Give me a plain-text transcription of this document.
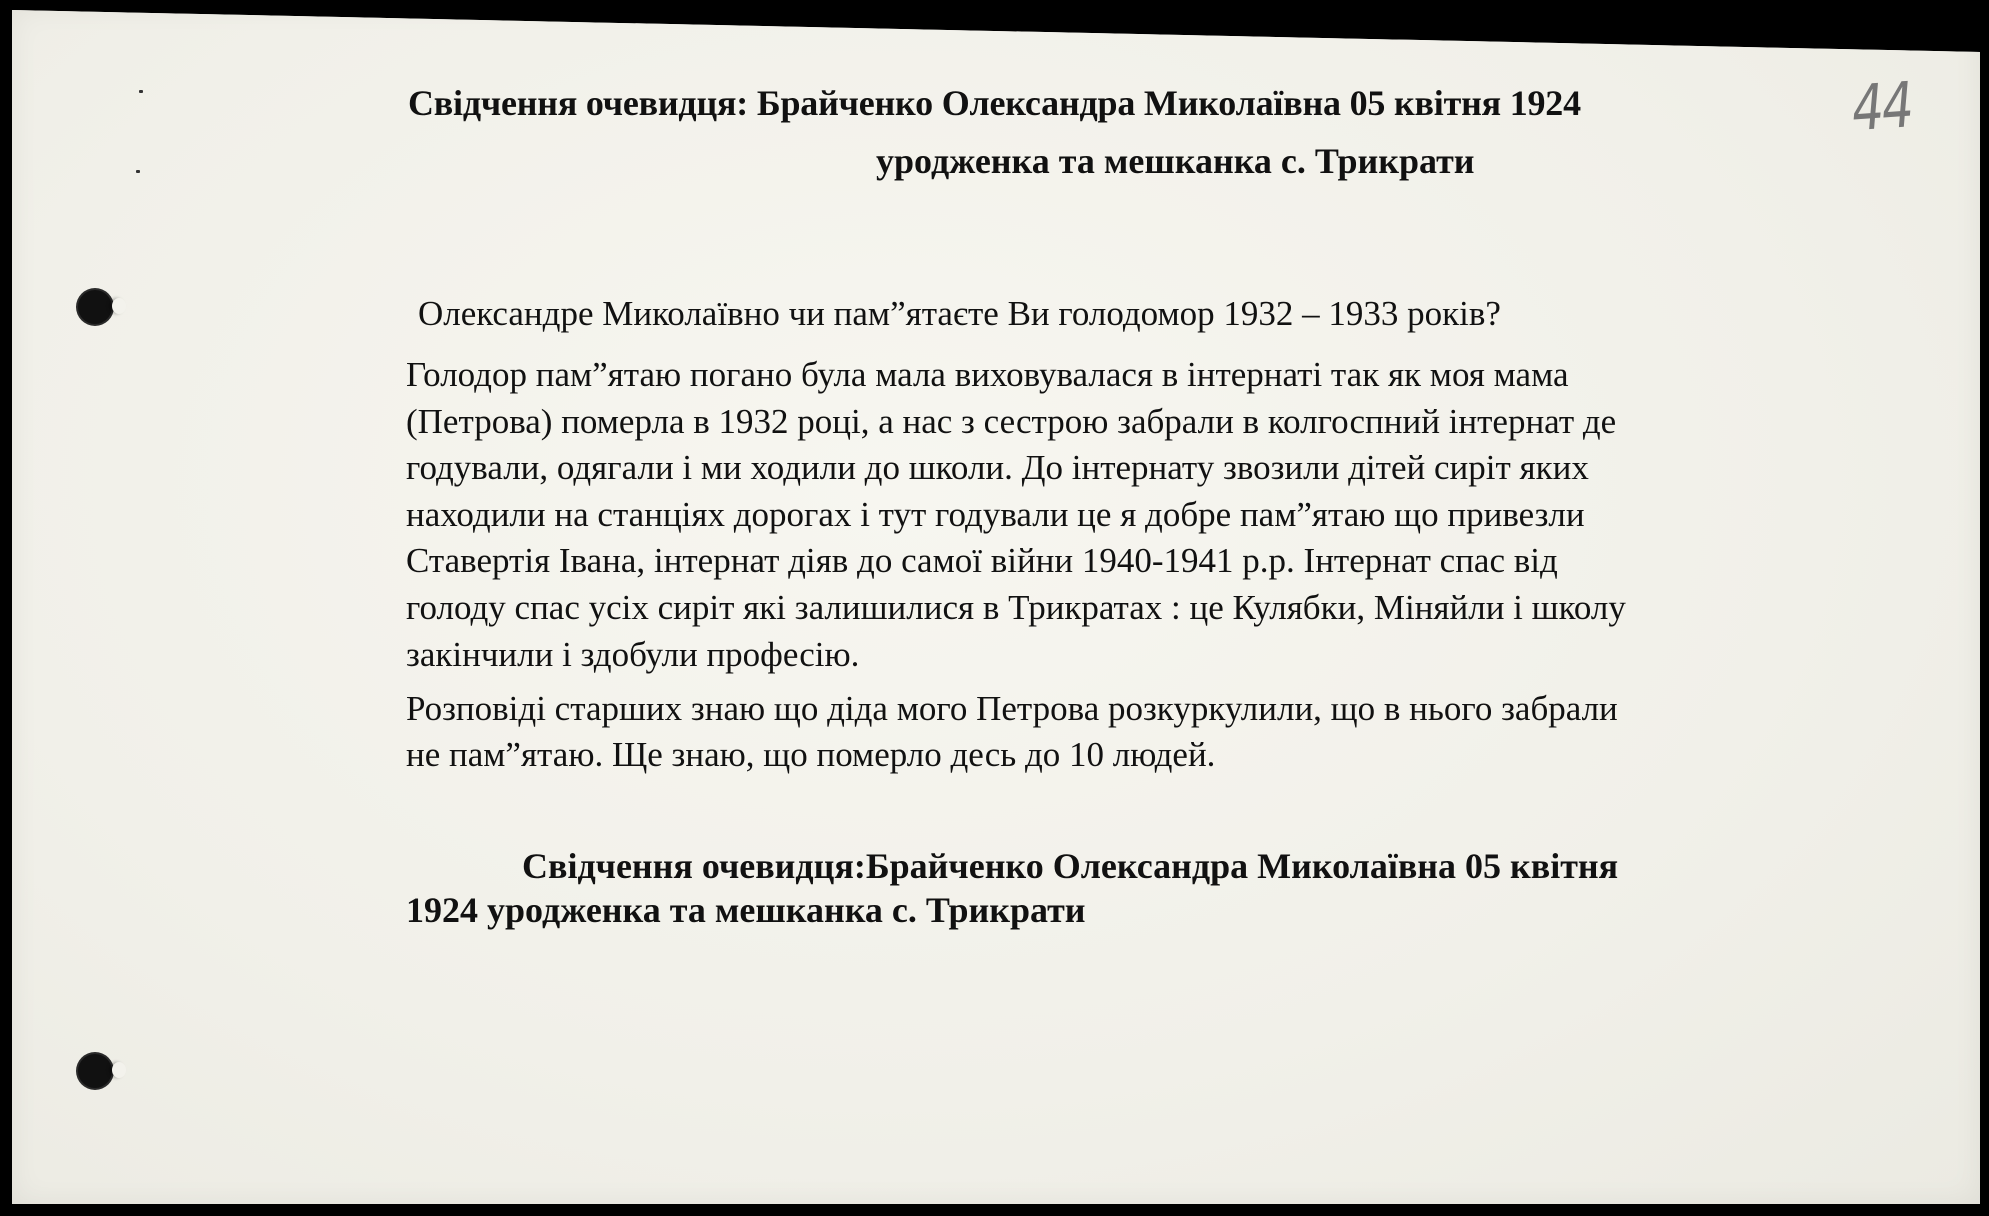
Свідчення очевидця: Брайченко Олександра Миколаївна 05 квітня 1924
уродженка та мешканка с. Трикрати
44
Олександре Миколаївно чи пам”ятаєте Ви голодомор 1932 – 1933 років?
Голодор пам”ятаю погано була мала виховувалася в інтернаті так як моя мама
(Петрова) померла в 1932 році, а нас з сестрою забрали в колгоспний інтернат де
годували, одягали і ми ходили до школи. До інтернату звозили дітей сиріт яких
находили на станціях дорогах і тут годували це я добре пам”ятаю що привезли
Ставертія Івана, інтернат діяв до самої війни 1940-1941 р.р. Інтернат спас від
голоду спас усіх сиріт які залишилися в Трикратах : це Кулябки, Міняйли і школу
закінчили і здобули професію.
Розповіді старших знаю що діда мого Петрова розкуркулили, що в нього забрали
не пам”ятаю. Ще знаю, що померло десь до 10 людей.
Свідчення очевидця:Брайченко Олександра Миколаївна 05 квітня
1924 уродженка та мешканка с. Трикрати
